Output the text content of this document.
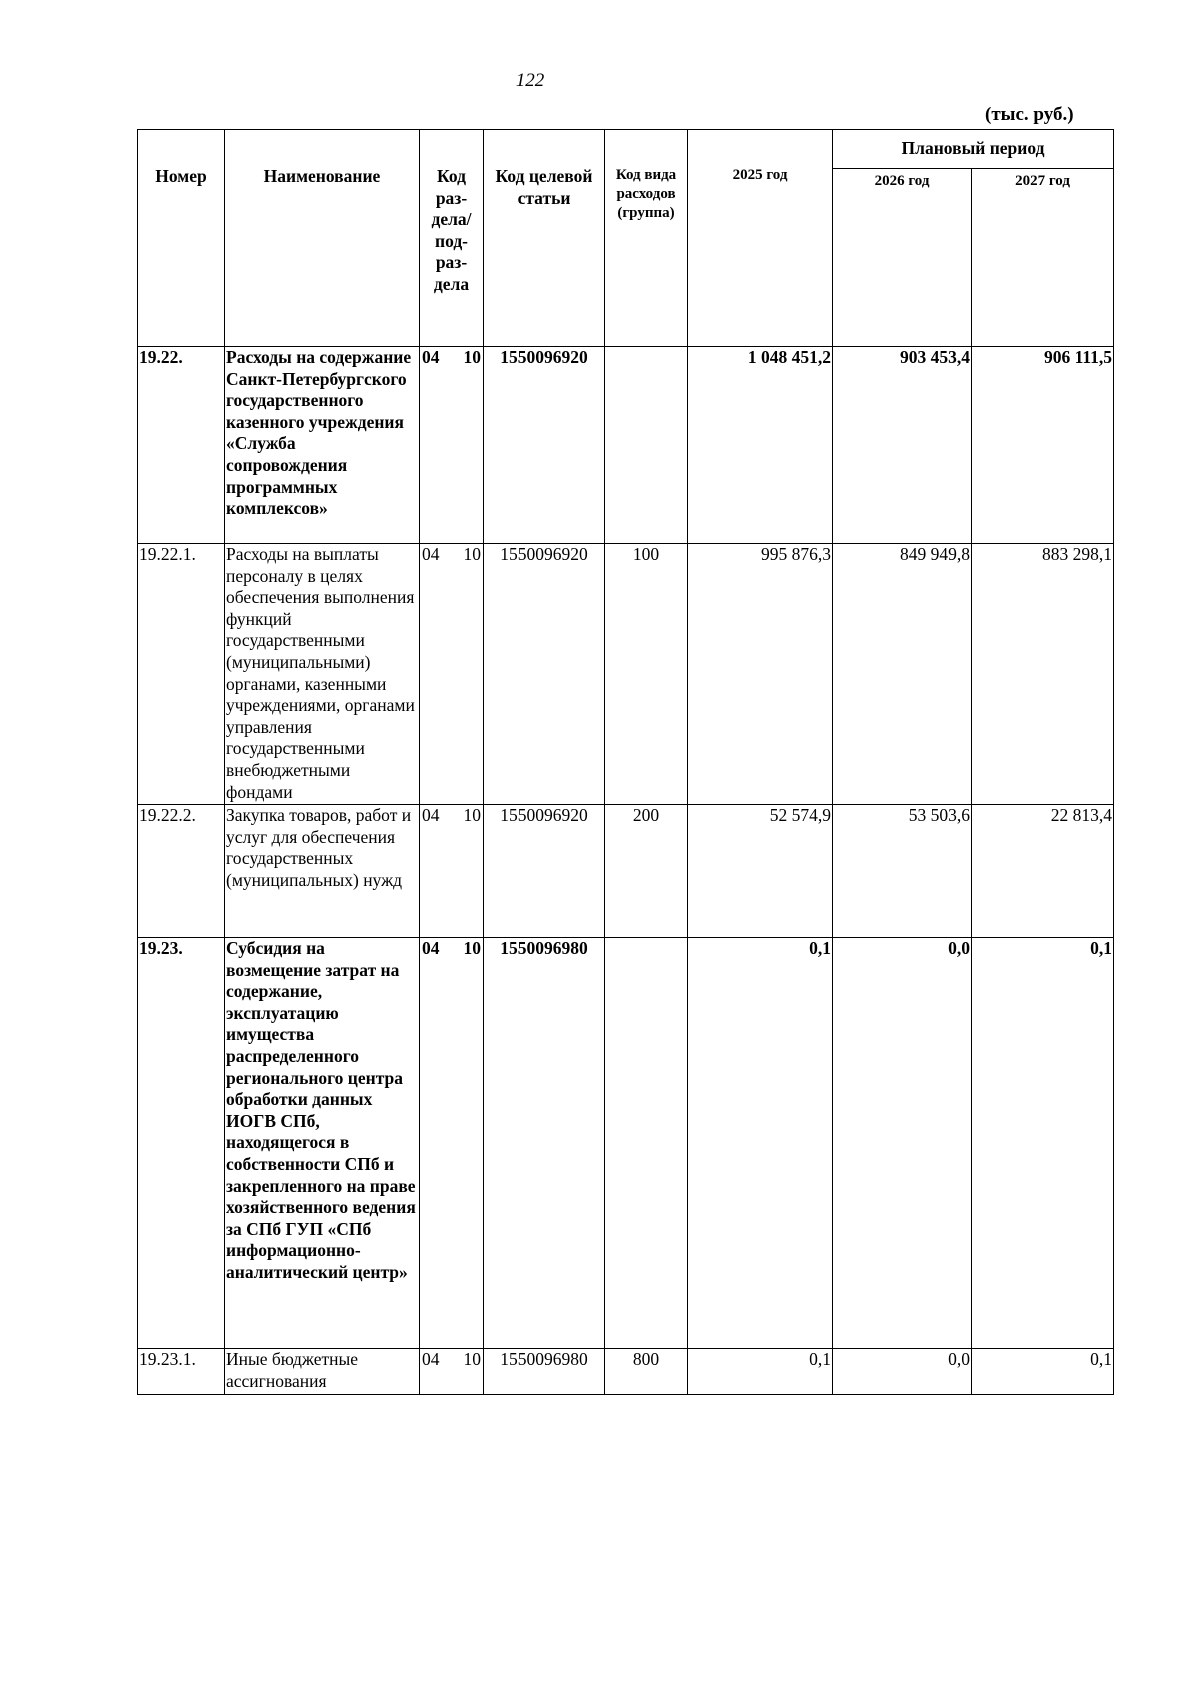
122
(тыс. руб.)
Номер	Наименование	Код раз- дела/ под- раз- дела	Код целевой статьи	Код вида расходов (группа)	2025 год	Плановый период	
						2026 год	2027 год
19.22.	Расходы на содержание Санкт-Петербургского государственного казенного учреждения «Служба сопровождения программных комплексов»	04 10	1550096920		1 048 451,2	903 453,4	906 111,5
19.22.1.	Расходы на выплаты персоналу в целях обеспечения выполнения функций государственными (муниципальными) органами, казенными учреждениями, органами управления государственными внебюджетными фондами	04 10	1550096920	100	995 876,3	849 949,8	883 298,1
19.22.2.	Закупка товаров, работ и услуг для обеспечения государственных (муниципальных) нужд	04 10	1550096920	200	52 574,9	53 503,6	22 813,4
19.23.	Субсидия на возмещение затрат на содержание, эксплуатацию имущества распределенного регионального центра обработки данных ИОГВ СПб, находящегося в собственности СПб и закрепленного на праве хозяйственного ведения за СПб ГУП «СПб информационно-аналитический центр»	04 10	1550096980		0,1	0,0	0,1
19.23.1.	Иные бюджетные ассигнования	04 10	1550096980	800	0,1	0,0	0,1
